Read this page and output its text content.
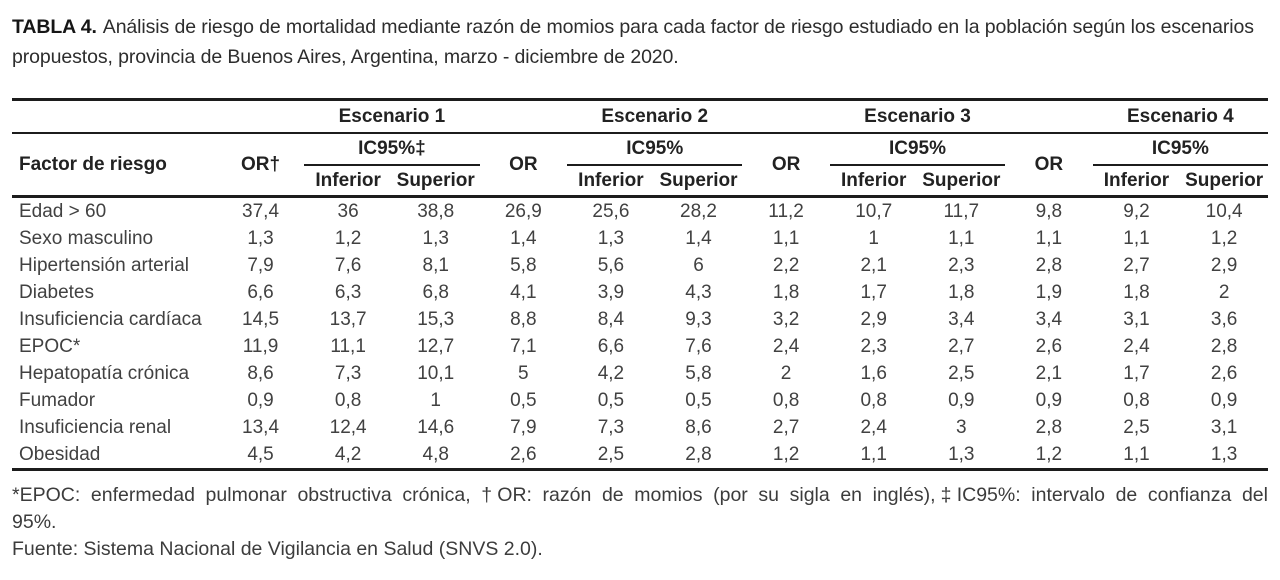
TABLA 4. Análisis de riesgo de mortalidad mediante razón de momios para cada factor de riesgo estudiado en la población según los escenarios propuestos, provincia de Buenos Aires, Argentina, marzo - diciembre de 2020.

		Escenario 1			Escenario 2			Escenario 3			Escenario 4	
Factor de riesgo	OR†	IC95%‡		OR	IC95%		OR	IC95%		OR	IC95%	
		Inferior	Superior		Inferior	Superior		Inferior	Superior		Inferior	Superior
Edad > 60	37,4	36	38,8	26,9	25,6	28,2	11,2	10,7	11,7	9,8	9,2	10,4
Sexo masculino	1,3	1,2	1,3	1,4	1,3	1,4	1,1	1	1,1	1,1	1,1	1,2
Hipertensión arterial	7,9	7,6	8,1	5,8	5,6	6	2,2	2,1	2,3	2,8	2,7	2,9
Diabetes	6,6	6,3	6,8	4,1	3,9	4,3	1,8	1,7	1,8	1,9	1,8	2
Insuficiencia cardíaca	14,5	13,7	15,3	8,8	8,4	9,3	3,2	2,9	3,4	3,4	3,1	3,6
EPOC*	11,9	11,1	12,7	7,1	6,6	7,6	2,4	2,3	2,7	2,6	2,4	2,8
Hepatopatía crónica	8,6	7,3	10,1	5	4,2	5,8	2	1,6	2,5	2,1	1,7	2,6
Fumador	0,9	0,8	1	0,5	0,5	0,5	0,8	0,8	0,9	0,9	0,8	0,9
Insuficiencia renal	13,4	12,4	14,6	7,9	7,3	8,6	2,7	2,4	3	2,8	2,5	3,1
Obesidad	4,5	4,2	4,8	2,6	2,5	2,8	1,2	1,1	1,3	1,2	1,1	1,3
*EPOC: enfermedad pulmonar obstructiva crónica, †OR: razón de momios (por su sigla en inglés),‡IC95%: intervalo de confianza del
95%.
Fuente: Sistema Nacional de Vigilancia en Salud (SNVS 2.0).
